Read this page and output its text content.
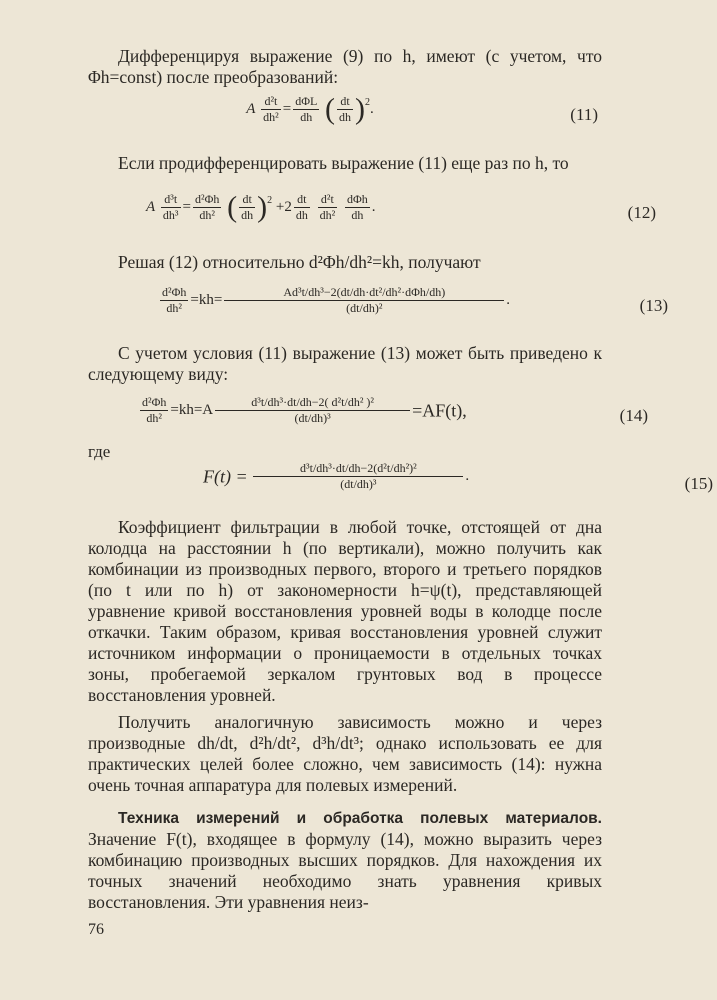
Дифференцируя выражение (9) по h, имеют (с учетом, что Φh=const) после преобразований:

A $\frac{\text{d²t}}{\text{dh²}} = \frac{\text{dΦL}}{dh}$ ( $\frac{dt}{dh} )^2$.	(11)

Если продифференцировать выражение (11) еще раз по h, то

A $\frac{\text{d³t}}{\text{dh³}} = \frac{\text{d²Φh}}{\text{dh²}}$ ( $\frac{dt}{dh} )^2 +2 \frac{dt}{dh}$
$\frac{\text{d²t}}{\text{dh²}}$
$\frac{\text{dΦh}}{dh}$ .	(12)

Решая (12) относительно d²Φh/dh²=kh, получают

$\frac{\text{d²Φh}}{\text{dh²}} =kh= \frac{\text{Ad³t/dh³−2(dt/dh·dt²/dh²·dΦh/dh)}}{\text{(dt/dh)²}}$ .	(13)

С учетом условия (11) выражение (13) может быть приведено к следующему виду:

$\frac{\text{d²Φh}}{\text{dh²}} =kh=A \frac{\text{d³t/dh³·dt/dh−2( d²t/dh² )²}}{\text{(dt/dh)³}} =AF(t)$,	(14)
где
$F(t) = \frac{\text{d³t/dh³·dt/dh−2(d²t/dh²)²}}{\text{(dt/dh)³}}$ .	(15)

Коэффициент фильтрации в любой точке, отстоящей от дна колодца на расстоянии h (по вертикали), можно получить как комбинации из производных первого, второго и третьего порядков (по t или по h) от закономерности h=ψ(t), представляющей уравнение кривой восстановления уровней воды в колодце после откачки. Таким образом, кривая восстановления уровней служит источником информации о проницаемости в отдельных точках зоны, пробегаемой зеркалом грунтовых вод в процессе восстановления уровней.

Получить аналогичную зависимость можно и через производные dh/dt, d²h/dt², d³h/dt³; однако использовать ее для практических целей более сложно, чем зависимость (14): нужна очень точная аппаратура для полевых измерений.

Техника измерений и обработка полевых материалов. Значение F(t), входящее в формулу (14), можно выразить через комбинацию производных высших порядков. Для нахождения их точных значений необходимо знать уравнения кривых восстановления. Эти уравнения неиз-

76
